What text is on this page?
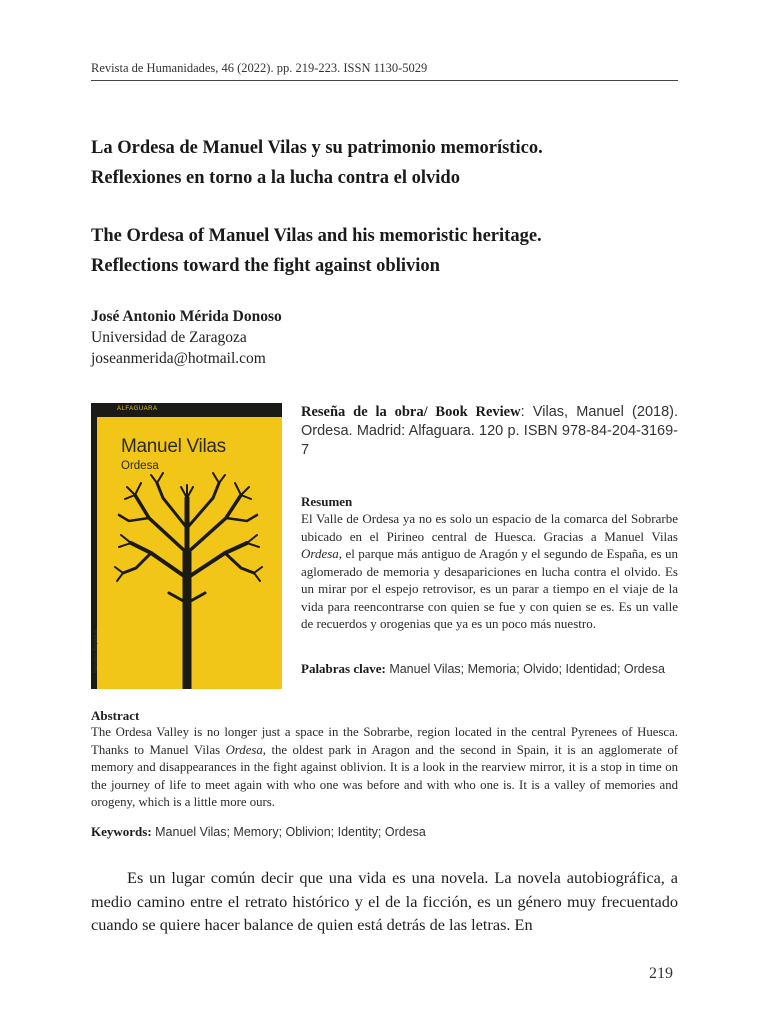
Revista de Humanidades, 46 (2022). pp. 219-223. ISSN 1130-5029
La Ordesa de Manuel Vilas y su patrimonio memorístico.
Reflexiones en torno a la lucha contra el olvido
The Ordesa of Manuel Vilas and his memoristic heritage.
Reflections toward the fight against oblivion
José Antonio Mérida Donoso
Universidad de Zaragoza
joseanmerida@hotmail.com
ALFAGUARA
Manuel Vilas
Ordesa
Narrativa Hispánica
Reseña de la obra/ Book Review: Vilas, Manuel (2018). Ordesa. Madrid: Alfaguara. 120 p. ISBN 978-84-204-3169-7
Resumen
El Valle de Ordesa ya no es solo un espacio de la comarca del Sobrarbe ubicado en el Pirineo central de Huesca. Gracias a Manuel Vilas Ordesa, el parque más antiguo de Aragón y el segundo de España, es un aglomerado de memoria y desapariciones en lucha contra el olvido. Es un mirar por el espejo retrovisor, es un parar a tiempo en el viaje de la vida para reencontrarse con quien se fue y con quien se es. Es un valle de recuerdos y orogenias que ya es un poco más nuestro.
Palabras clave: Manuel Vilas; Memoria; Olvido; Identidad; Ordesa
Abstract
The Ordesa Valley is no longer just a space in the Sobrarbe, region located in the central Pyrenees of Huesca. Thanks to Manuel Vilas Ordesa, the oldest park in Aragon and the second in Spain, it is an agglomerate of memory and disappearances in the fight against oblivion. It is a look in the rearview mirror, it is a stop in time on the journey of life to meet again with who one was before and with who one is. It is a valley of memories and orogeny, which is a little more ours.
Keywords: Manuel Vilas; Memory; Oblivion; Identity; Ordesa
Es un lugar común decir que una vida es una novela. La novela autobiográfica, a medio camino entre el retrato histórico y el de la ficción, es un género muy frecuentado cuando se quiere hacer balance de quien está detrás de las letras. En
219
